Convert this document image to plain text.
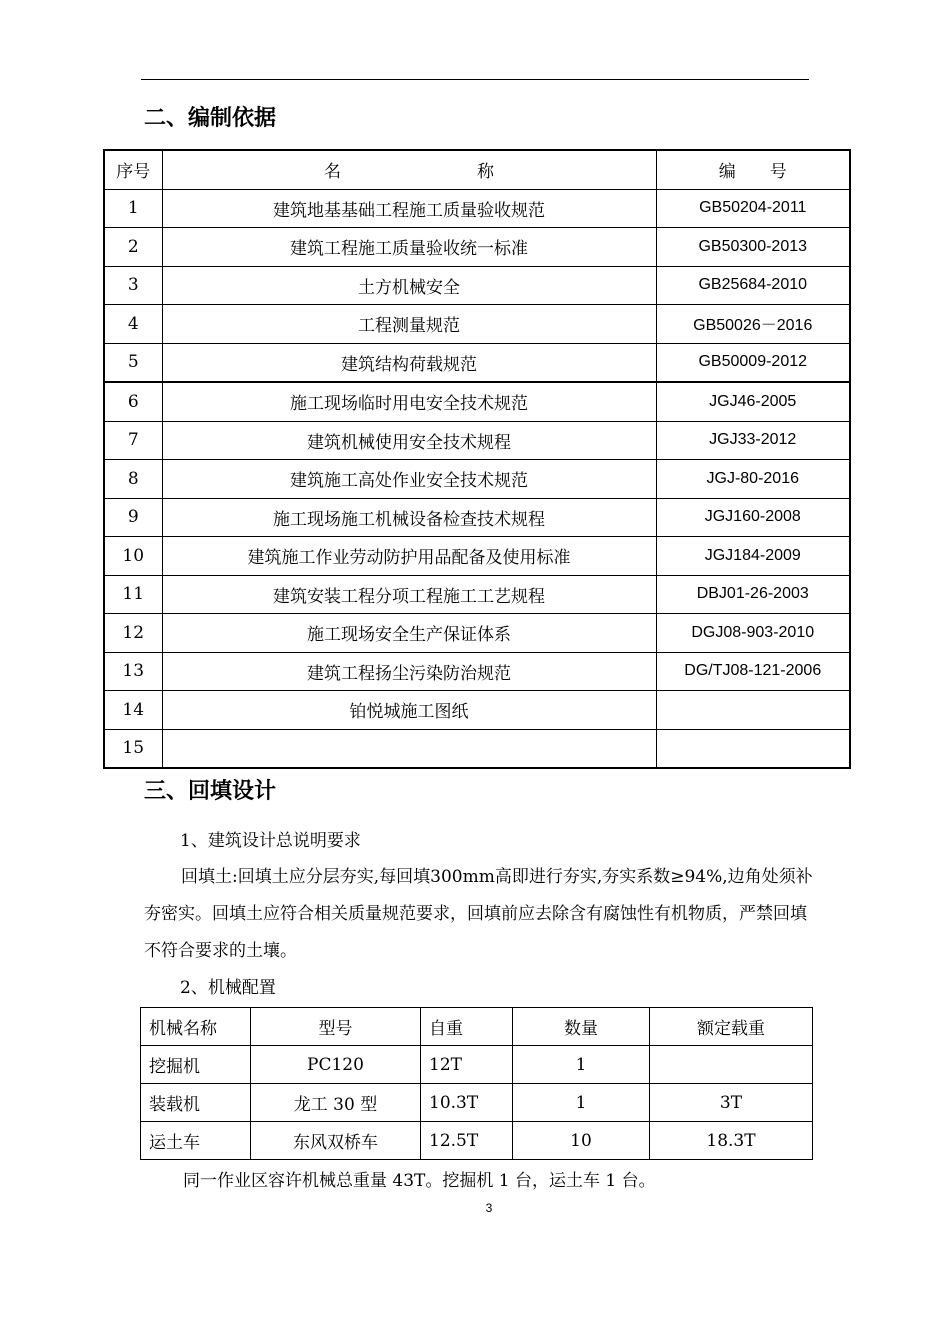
二、编制依据
序号	名　　　　　　　　称	编　　号
1	建筑地基基础工程施工质量验收规范	GB50204-2011
2	建筑工程施工质量验收统一标准	GB50300-2013
3	土方机械安全	GB25684-2010
4	工程测量规范	GB50026－2016
5	建筑结构荷载规范	GB50009-2012
6	施工现场临时用电安全技术规范	JGJ46-2005
7	建筑机械使用安全技术规程	JGJ33-2012
8	建筑施工高处作业安全技术规范	JGJ-80-2016
9	施工现场施工机械设备检查技术规程	JGJ160-2008
10	建筑施工作业劳动防护用品配备及使用标准	JGJ184-2009
11	建筑安装工程分项工程施工工艺规程	DBJ01-26-2003
12	施工现场安全生产保证体系	DGJ08-903-2010
13	建筑工程扬尘污染防治规范	DG/TJ08-121-2006
14	铂悦城施工图纸	
15		
三、回填设计

1、建筑设计总说明要求

回填土:回填土应分层夯实,每回填300mm高即进行夯实,夯实系数≥94%,边角处须补夯密实。回填土应符合相关质量规范要求，回填前应去除含有腐蚀性有机物质，严禁回填不符合要求的土壤。

2、机械配置

机械名称	型号	自重	数量	额定载重
挖掘机	PC120	12T	1	
装载机	龙工 30 型	10.3T	1	3T
运土车	东风双桥车	12.5T	10	18.3T

同一作业区容许机械总重量 43T。挖掘机 1 台，运土车 1 台。

3
